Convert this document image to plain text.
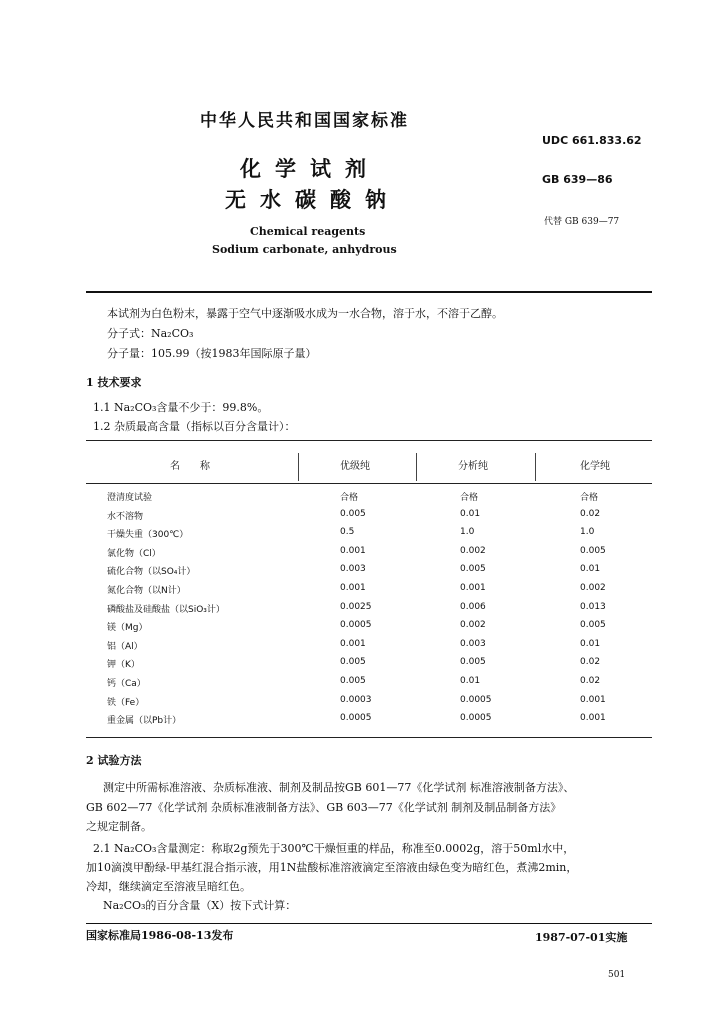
中华人民共和国国家标准
UDC 661.833.62
化学试剂
无水碳酸钠
GB 639—86
代替 GB 639—77
Chemical reagents
Sodium carbonate, anhydrous
本试剂为白色粉末，暴露于空气中逐渐吸水成为一水合物，溶于水，不溶于乙醇。
分子式：Na₂CO₃
分子量：105.99（按1983年国际原子量）
1 技术要求
1.1 Na₂CO₃含量不少于：99.8%。
1.2 杂质最高含量（指标以百分含量计）：
名　　称	优级纯	分析纯	化学纯
澄清度试验	合格	合格	合格
水不溶物	0.005	0.01	0.02
干燥失重（300℃）	0.5	1.0	1.0
氯化物（Cl）	0.001	0.002	0.005
硫化合物（以SO₄计）	0.003	0.005	0.01
氮化合物（以N计）	0.001	0.001	0.002
磷酸盐及硅酸盐（以SiO₃计）	0.0025	0.006	0.013
镁（Mg）	0.0005	0.002	0.005
铝（Al）	0.001	0.003	0.01
钾（K）	0.005	0.005	0.02
钙（Ca）	0.005	0.01	0.02
铁（Fe）	0.0003	0.0005	0.001
重金属（以Pb计）	0.0005	0.0005	0.001
2 试验方法
测定中所需标准溶液、杂质标准液、制剂及制品按GB 601—77《化学试剂 标准溶液制备方法》、
GB 602—77《化学试剂 杂质标准液制备方法》、GB 603—77《化学试剂 制剂及制品制备方法》
之规定制备。
2.1 Na₂CO₃含量测定：称取2g预先于300℃干燥恒重的样品，称准至0.0002g，溶于50ml水中，
加10滴溴甲酚绿-甲基红混合指示液，用1N盐酸标准溶液滴定至溶液由绿色变为暗红色，煮沸2min，
冷却，继续滴定至溶液呈暗红色。
Na₂CO₃的百分含量（X）按下式计算：
国家标准局1986-08-13发布	1987-07-01实施
501
